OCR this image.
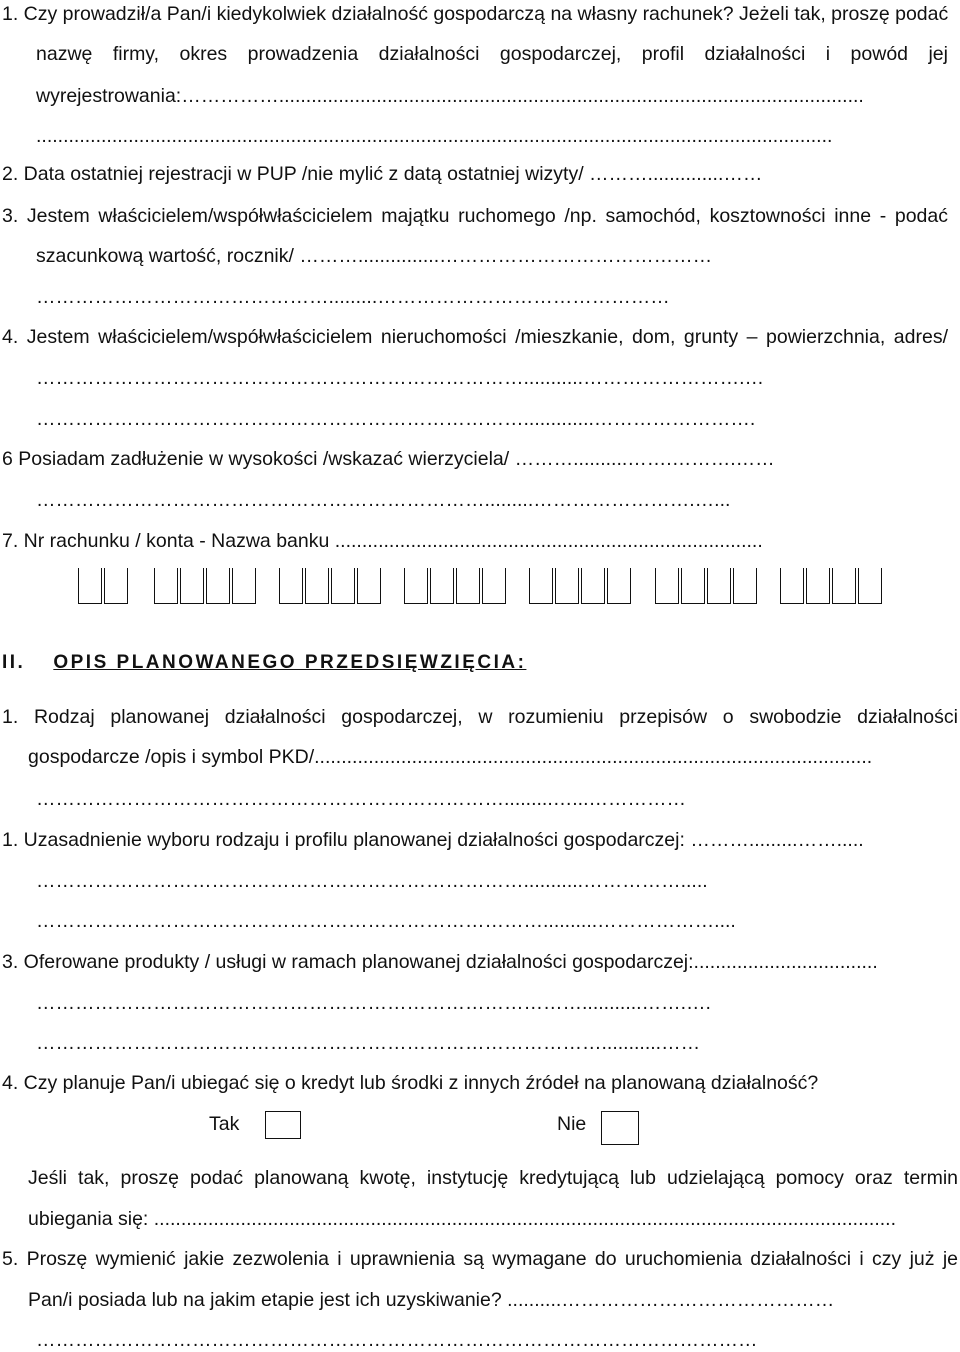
1. Czy prowadził/a Pan/i kiedykolwiek działalność gospodarczą na własny rachunek? Jeżeli tak, proszę podać
nazwę firmy, okres prowadzenia działalności gospodarczej, profil działalności i powód jej
wyrejestrowania:……………............................................................................................................
...................................................................................................................................................
2. Data ostatniej rejestracji w PUP /nie mylić z datą ostatniej wizyty/ ………..............……
3. Jestem właścicielem/współwłaścicielem majątku ruchomego /np. samochód, kosztowności inne - podać
szacunkową wartość, rocznik/ ………...............……………………………………
……………………………………….........………………………………………
4. Jestem właścicielem/współwłaścicielem nieruchomości /mieszkanie, dom, grunty – powierzchnia, adres/
…………………………………………………………………...........…………………….…
………………………………………………………………….............…………………….
6 Posiadam zadłużenie w wysokości /wskazać wierzyciela/ ………..........…….……….……
…………………………………………………………….........…………………….…...
7. Nr rachunku / konta - Nazwa banku ...............................................................................
II. OPIS PLANOWANEGO PRZEDSIĘWZIĘCIA:
1. Rodzaj planowanej działalności gospodarczej, w rozumieniu przepisów o swobodzie działalności
gospodarcze /opis i symbol PKD/.......................................................................................................
……………………………………………………………….........…...……………
1. Uzasadnienie wyboru rodzaju i profilu planowanej działalności gospodarczej: ……….........…….....
…………………………………………………………………...........…………….....
……………………………………………………………………..........………………....
3. Oferowane produkty / usługi w ramach planowanej działalności gospodarczej:..................................
…………………………………………………………………………...........…….….
……………………………………………………………………………...........……
4. Czy planuje Pan/i ubiegać się o kredyt lub środki z innych źródeł na planowaną działalność?
Tak	Nie
Jeśli tak, proszę podać planowaną kwotę, instytucję kredytującą lub udzielającą pomocy oraz termin
ubiegania się: .........................................................................................................................................
5. Proszę wymienić jakie zezwolenia i uprawnienia są wymagane do uruchomienia działalności i czy już je
Pan/i posiada lub na jakim etapie jest ich uzyskiwanie? ..........……………………………………
…………………………………………………………………………………………………
